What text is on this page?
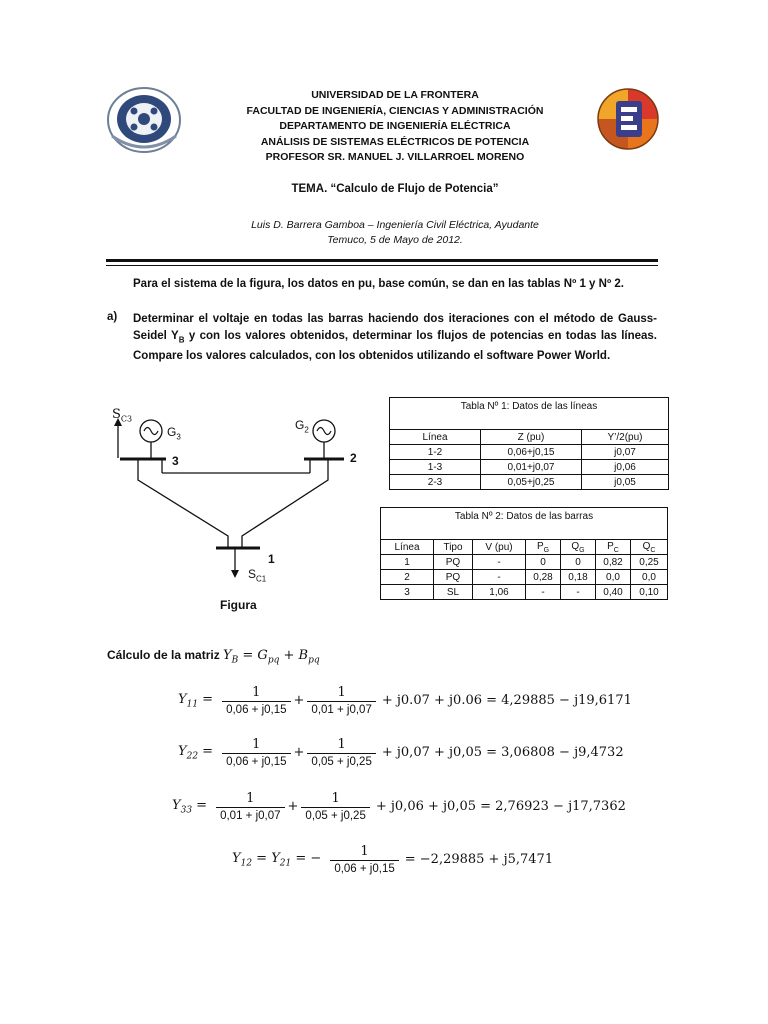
UNIVERSIDAD DE LA FRONTERA
FACULTAD DE INGENIERÍA, CIENCIAS Y ADMINISTRACIÓN
DEPARTAMENTO DE INGENIERÍA ELÉCTRICA
ANÁLISIS DE SISTEMAS ELÉCTRICOS DE POTENCIA
PROFESOR SR. MANUEL J. VILLARROEL MORENO
TEMA. “Calculo de Flujo de Potencia”
Luis D. Barrera Gamboa – Ingeniería Civil Eléctrica, Ayudante
Temuco, 5 de Mayo de 2012.
Para el sistema de la figura, los datos en pu, base común, se dan en las tablas Nº 1 y Nº 2.
a) Determinar el voltaje en todas las barras haciendo dos iteraciones con el método de Gauss-Seidel $Y_B$ y con los valores obtenidos, determinar los flujos de potencias en todas las líneas. Compare los valores calculados, con los obtenidos utilizando el software Power World.
$S_{C3}$
$G_3$
$G_2$
3	2
1
$S_{C1}$
Figura
Tabla Nº 1: Datos de las líneas		
Línea	Z (pu)	Y’/2(pu)
1-2	0,06+j0,15	j0,07
1-3	0,01+j0,07	j0,06
2-3	0,05+j0,25	j0,05
Tabla Nº 2: Datos de las barras						
Línea	Tipo	V (pu)	$P_G$	$Q_G$	$P_C$	$Q_C$
1	PQ	-	0	0	0,82	0,25
2	PQ	-	0,28	0,18	0,0	0,0
3	SL	1,06	-	-	0,40	0,10
Cálculo de la matriz $Y_B = G_{pq} + B_{pq}$
$Y_{11} = \frac{1}{0,06 + j0,15} + \frac{1}{0,01 + j0,07} + j0.07 + j0.06 = 4,29885 - j19,6171$
$Y_{22} = \frac{1}{0,06 + j0,15} + \frac{1}{0,05 + j0,25} + j0,07 + j0,05 = 3,06808 - j9,4732$
$Y_{33} = \frac{1}{0,01 + j0,07} + \frac{1}{0,05 + j0,25} + j0,06 + j0,05 = 2,76923 - j17,7362$
$Y_{12} = Y_{21}$ = − $\frac{1}{0,06 + j0,15} = -2,29885 + j5,7471$
